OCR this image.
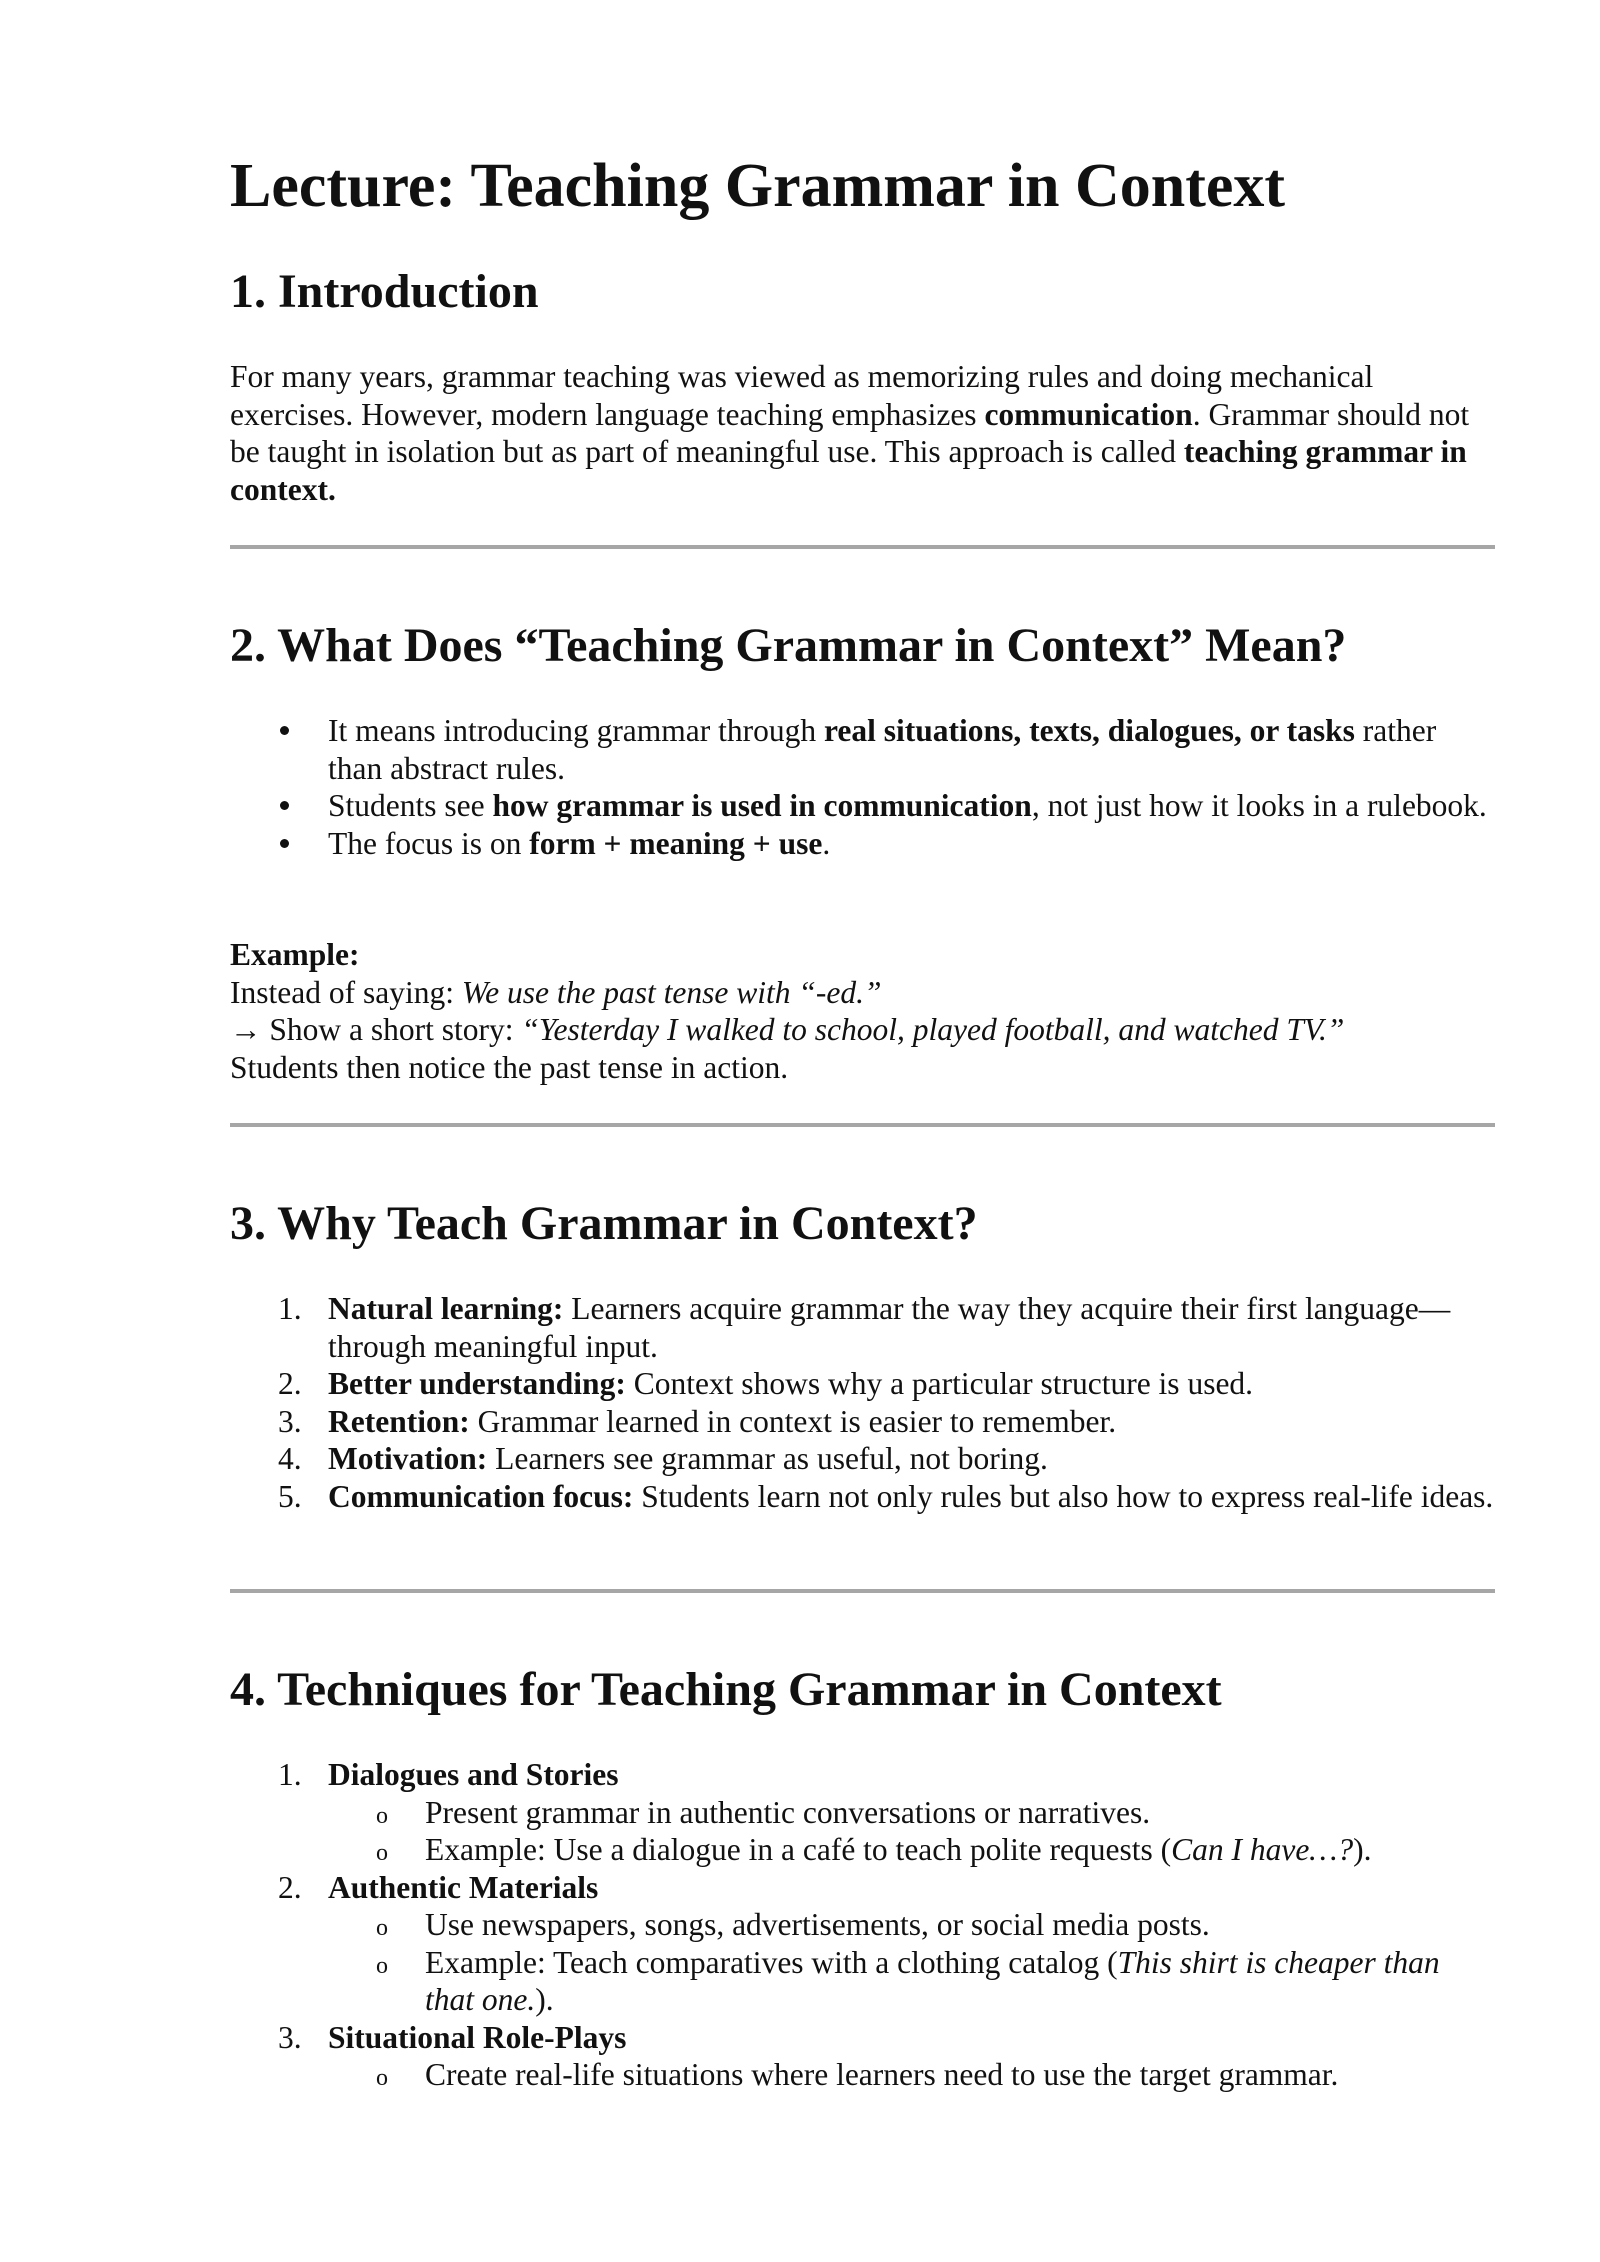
Lecture: Teaching Grammar in Context
1. Introduction

For many years, grammar teaching was viewed as memorizing rules and doing mechanical exercises. However, modern language teaching emphasizes communication. Grammar should not be taught in isolation but as part of meaningful use. This approach is called teaching grammar in context.

2. What Does “Teaching Grammar in Context” Mean?
It means introducing grammar through real situations, texts, dialogues, or tasks rather than abstract rules.
Students see how grammar is used in communication, not just how it looks in a rulebook.
The focus is on form + meaning + use.
Example:
Instead of saying: We use the past tense with “-ed.”
→ Show a short story: “Yesterday I walked to school, played football, and watched TV.”
Students then notice the past tense in action.
3. Why Teach Grammar in Context?
1. Natural learning: Learners acquire grammar the way they acquire their first language—through meaningful input.
2. Better understanding: Context shows why a particular structure is used.
3. Retention: Grammar learned in context is easier to remember.
4. Motivation: Learners see grammar as useful, not boring.
5. Communication focus: Students learn not only rules but also how to express real-life ideas.
4. Techniques for Teaching Grammar in Context
1. Dialogues and Stories
o Present grammar in authentic conversations or narratives.
o Example: Use a dialogue in a café to teach polite requests (Can I have…?).
2. Authentic Materials
o Use newspapers, songs, advertisements, or social media posts.
o Example: Teach comparatives with a clothing catalog (This shirt is cheaper than that one.).
3. Situational Role-Plays
o Create real-life situations where learners need to use the target grammar.
